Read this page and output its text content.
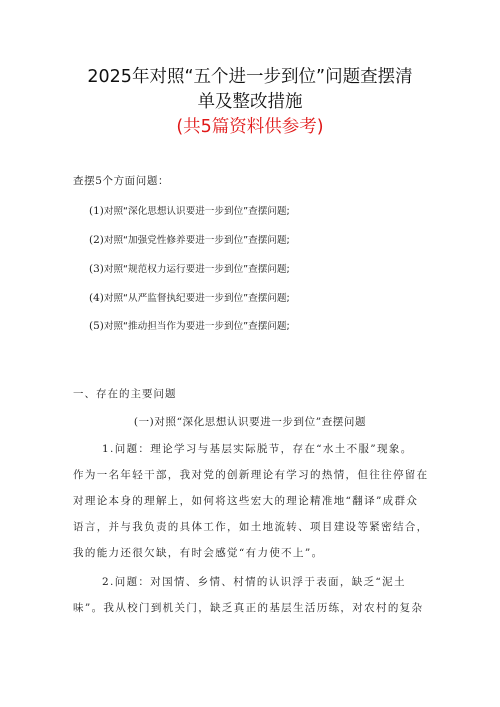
2025年对照“五个进一步到位”问题查摆清
单及整改措施
(共5篇资料供参考)
查摆5个方面问题：
(1)对照“深化思想认识要进一步到位”查摆问题;
(2)对照“加强党性修养要进一步到位”查摆问题;
(3)对照“规范权力运行要进一步到位”查摆问题;
(4)对照“从严监督执纪要进一步到位”查摆问题;
(5)对照“推动担当作为要进一步到位”查摆问题;
一、存在的主要问题
(一)对照“深化思想认识要进一步到位”查摆问题
1.问题：理论学习与基层实际脱节，存在“水土不服”现象。
作为一名年轻干部，我对党的创新理论有学习的热情，但往往停留在
对理论本身的理解上，如何将这些宏大的理论精准地“翻译”成群众
语言，并与我负责的具体工作，如土地流转、项目建设等紧密结合，
我的能力还很欠缺，有时会感觉“有力使不上”。
2.问题：对国情、乡情、村情的认识浮于表面，缺乏“泥土
味”。我从校门到机关门，缺乏真正的基层生活历练，对农村的复杂
